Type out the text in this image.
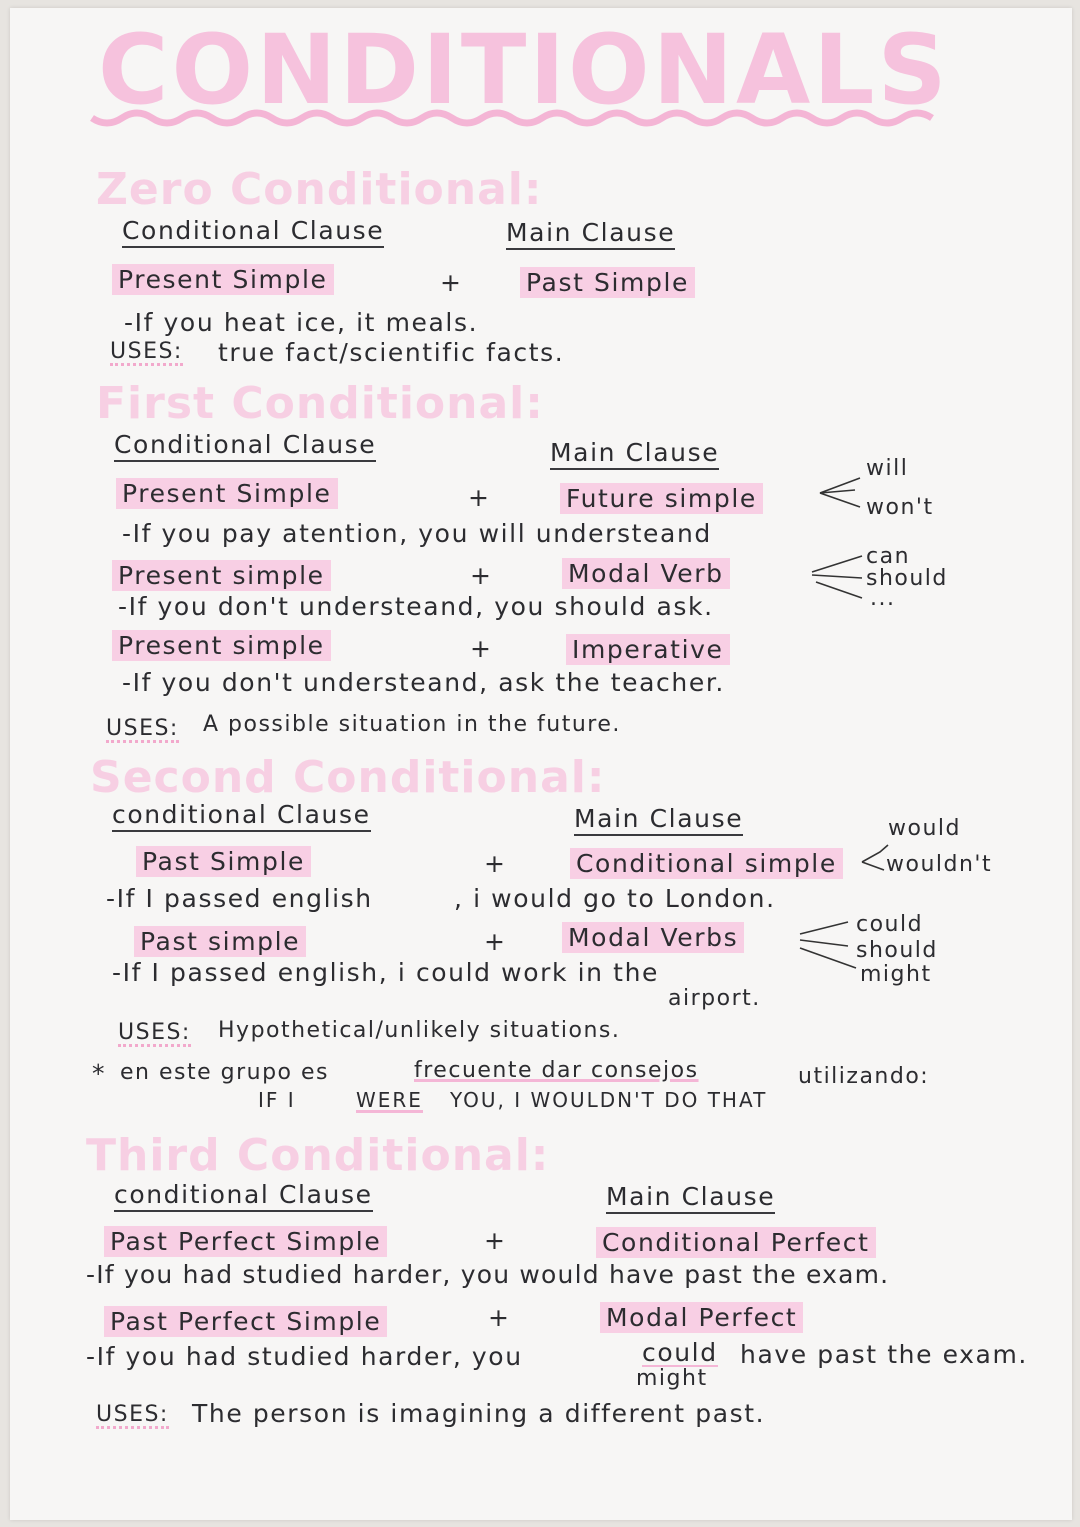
CONDITIONALS
Zero Conditional:
Conditional Clause	Main Clause
Present Simple	+	Past Simple
-If you heat ice, it meals.
USES: true fact/scientific facts.
First Conditional:
Conditional Clause	Main Clause
Present Simple	+	Future simple
will
won't
-If you pay atention, you will understeand
Present simple	+	Modal Verb
can
should
...
-If you don't understeand, you should ask.
Present simple	+	Imperative
-If you don't understeand, ask the teacher.
USES: A possible situation in the future.
Second Conditional:
conditional Clause	Main Clause
Past Simple	+	Conditional simple
would
wouldn't
-If I passed english	, i would go to London.
Past simple	+ Modal Verbs	could
should
might
-If I passed english, i could work in the
airport.
USES: Hypothetical/unlikely situations.
* en este grupo es	frecuente dar consejos	utilizando:
IF I	WERE YOU, I WOULDN'T DO THAT
Third Conditional:
conditional Clause	Main Clause
Past Perfect Simple	+	Conditional Perfect
-If you had studied harder, you would have past the exam.
Past Perfect Simple	+	Modal Perfect
-If you had studied harder, you	could have past the exam.
might
USES: The person is imagining a different past.
